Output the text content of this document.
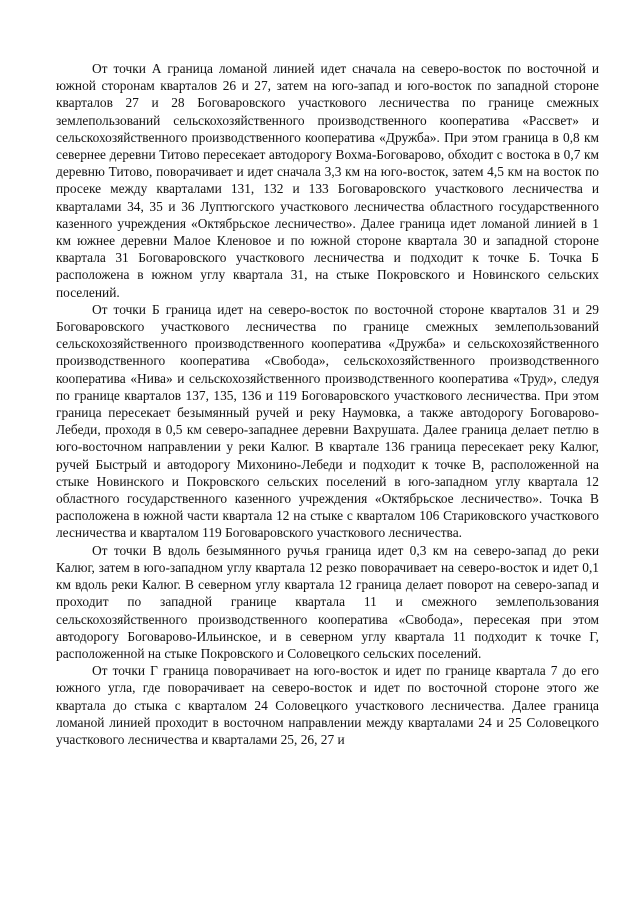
От точки А граница ломаной линией идет сначала на северо-восток по восточной и южной сторонам кварталов 26 и 27, затем на юго-запад и юго-восток по западной стороне кварталов 27 и 28 Боговаровского участкового лесничества по границе смежных землепользований сельскохозяйственного производственного кооператива «Рассвет» и сельскохозяйственного производственного кооператива «Дружба». При этом граница в 0,8 км севернее деревни Титово пересекает автодорогу Вохма-Боговарово, обходит с востока в 0,7 км деревню Титово, поворачивает и идет сначала 3,3 км на юго-восток, затем 4,5 км на восток по просеке между кварталами 131, 132 и 133 Боговаровского участкового лесничества и кварталами 34, 35 и 36 Луптюгского участкового лесничества областного государственного казенного учреждения «Октябрьское лесничество». Далее граница идет ломаной линией в 1 км южнее деревни Малое Кленовое и по южной стороне квартала 30 и западной стороне квартала 31 Боговаровского участкового лесничества и подходит к точке Б. Точка Б расположена в южном углу квартала 31, на стыке Покровского и Новинского сельских поселений.

От точки Б граница идет на северо-восток по восточной стороне кварталов 31 и 29 Боговаровского участкового лесничества по границе смежных землепользований сельскохозяйственного производственного кооператива «Дружба» и сельскохозяйственного производственного кооператива «Свобода», сельскохозяйственного производственного кооператива «Нива» и сельскохозяйственного производственного кооператива «Труд», следуя по границе кварталов 137, 135, 136 и 119 Боговаровского участкового лесничества. При этом граница пересекает безымянный ручей и реку Наумовка, а также автодорогу Боговарово-Лебеди, проходя в 0,5 км северо-западнее деревни Вахрушата. Далее граница делает петлю в юго-восточном направлении у реки Калюг. В квартале 136 граница пересекает реку Калюг, ручей Быстрый и автодорогу Михонино-Лебеди и подходит к точке В, расположенной на стыке Новинского и Покровского сельских поселений в юго-западном углу квартала 12 областного государственного казенного учреждения «Октябрьское лесничество». Точка В расположена в южной части квартала 12 на стыке с кварталом 106 Стариковского участкового лесничества и кварталом 119 Боговаровского участкового лесничества.

От точки В вдоль безымянного ручья граница идет 0,3 км на северо-запад до реки Калюг, затем в юго-западном углу квартала 12 резко поворачивает на северо-восток и идет 0,1 км вдоль реки Калюг. В северном углу квартала 12 граница делает поворот на северо-запад и проходит по западной границе квартала 11 и смежного землепользования сельскохозяйственного производственного кооператива «Свобода», пересекая при этом автодорогу Боговарово-Ильинское, и в северном углу квартала 11 подходит к точке Г, расположенной на стыке Покровского и Соловецкого сельских поселений.

От точки Г граница поворачивает на юго-восток и идет по границе квартала 7 до его южного угла, где поворачивает на северо-восток и идет по восточной стороне этого же квартала до стыка с кварталом 24 Соловецкого участкового лесничества. Далее граница ломаной линией проходит в восточном направлении между кварталами 24 и 25 Соловецкого участкового лесничества и кварталами 25, 26, 27 и
